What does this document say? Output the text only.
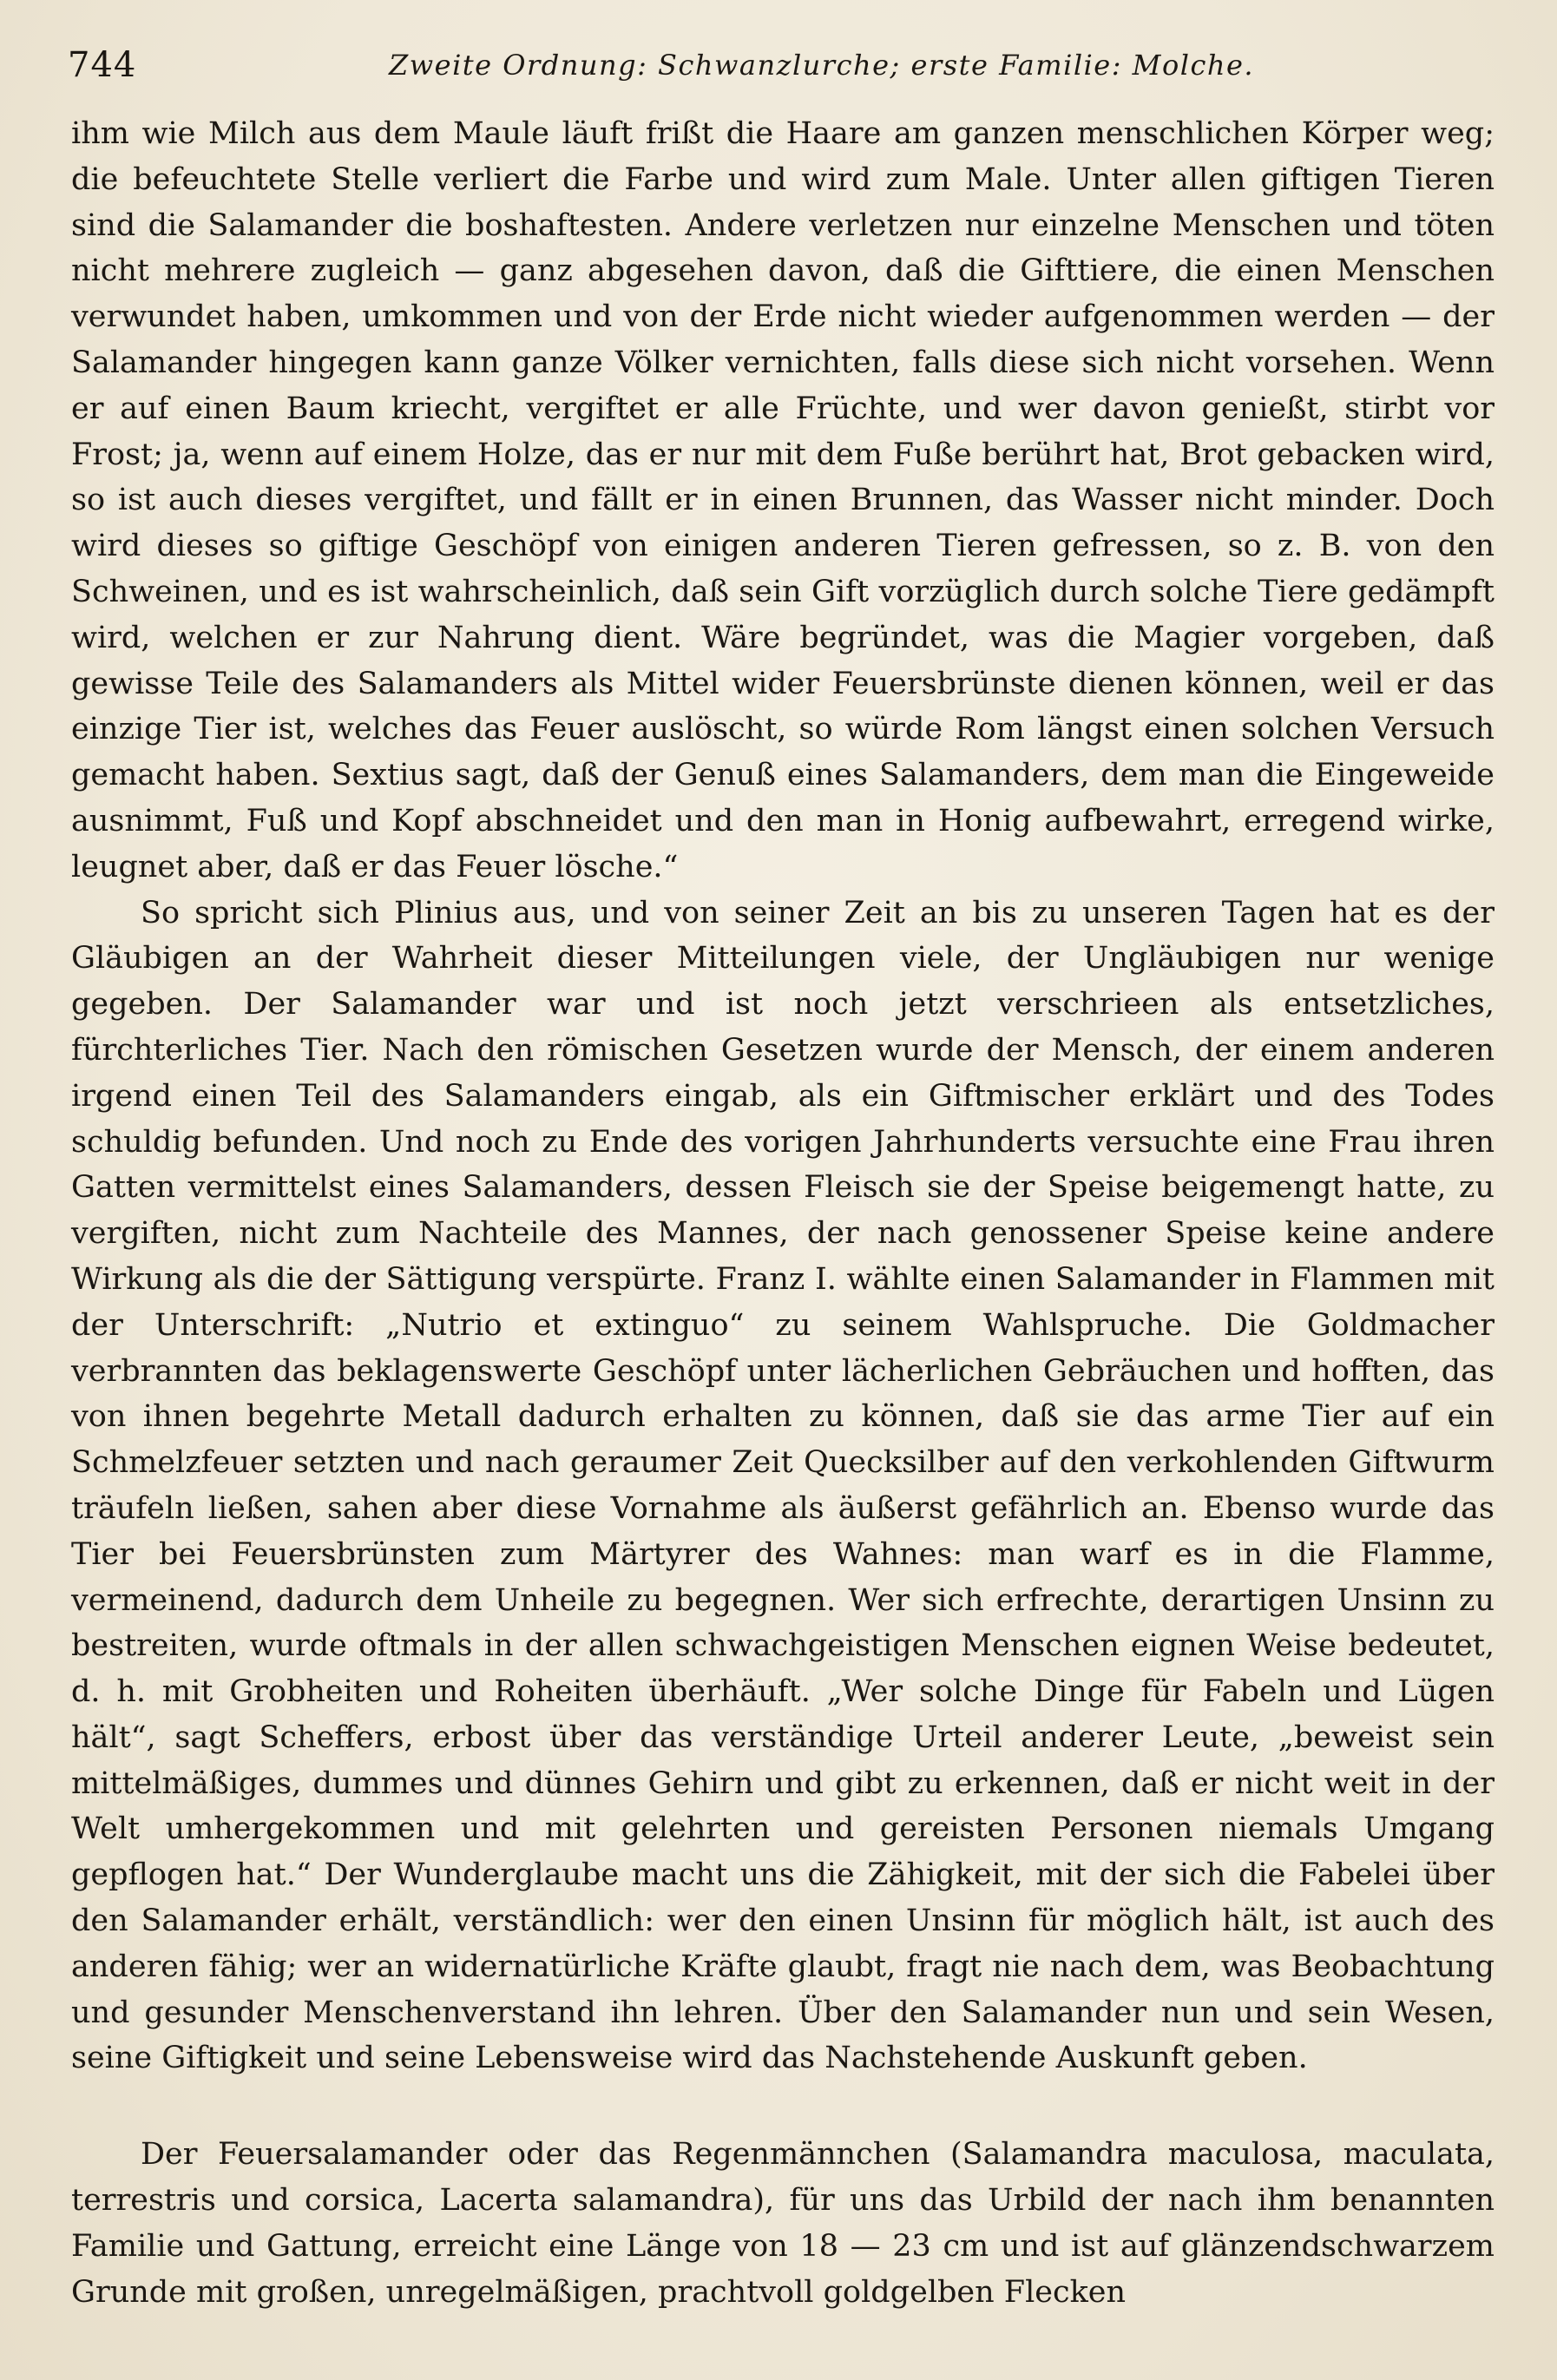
744	Zweite Ordnung: Schwanzlurche; erste Familie: Molche.

ihm wie Milch aus dem Maule läuft frißt die Haare am ganzen menschlichen Körper weg; die befeuchtete Stelle verliert die Farbe und wird zum Male. Unter allen giftigen Tieren sind die Salamander die boshaftesten. Andere verletzen nur einzelne Menschen und töten nicht mehrere zugleich — ganz abgesehen davon, daß die Gifttiere, die einen Menschen verwundet haben, umkommen und von der Erde nicht wieder aufgenommen werden — der Salamander hingegen kann ganze Völker vernichten, falls diese sich nicht vorsehen. Wenn er auf einen Baum kriecht, vergiftet er alle Früchte, und wer davon genießt, stirbt vor Frost; ja, wenn auf einem Holze, das er nur mit dem Fuße berührt hat, Brot gebacken wird, so ist auch dieses vergiftet, und fällt er in einen Brunnen, das Wasser nicht minder. Doch wird dieses so giftige Geschöpf von einigen anderen Tieren gefressen, so z. B. von den Schweinen, und es ist wahrscheinlich, daß sein Gift vorzüglich durch solche Tiere gedämpft wird, welchen er zur Nahrung dient. Wäre begründet, was die Magier vorgeben, daß gewisse Teile des Salamanders als Mittel wider Feuersbrünste dienen können, weil er das einzige Tier ist, welches das Feuer auslöscht, so würde Rom längst einen solchen Versuch gemacht haben. Sextius sagt, daß der Genuß eines Salamanders, dem man die Eingeweide ausnimmt, Fuß und Kopf abschneidet und den man in Honig aufbewahrt, erregend wirke, leugnet aber, daß er das Feuer lösche.“

So spricht sich Plinius aus, und von seiner Zeit an bis zu unseren Tagen hat es der Gläubigen an der Wahrheit dieser Mitteilungen viele, der Ungläubigen nur wenige gegeben. Der Salamander war und ist noch jetzt verschrieen als entsetzliches, fürchterliches Tier. Nach den römischen Gesetzen wurde der Mensch, der einem anderen irgend einen Teil des Salamanders eingab, als ein Giftmischer erklärt und des Todes schuldig befunden. Und noch zu Ende des vorigen Jahrhunderts versuchte eine Frau ihren Gatten vermittelst eines Salamanders, dessen Fleisch sie der Speise beigemengt hatte, zu vergiften, nicht zum Nachteile des Mannes, der nach genossener Speise keine andere Wirkung als die der Sättigung verspürte. Franz I. wählte einen Salamander in Flammen mit der Unterschrift: „Nutrio et extinguo“ zu seinem Wahlspruche. Die Goldmacher verbrannten das beklagenswerte Geschöpf unter lächerlichen Gebräuchen und hofften, das von ihnen begehrte Metall dadurch erhalten zu können, daß sie das arme Tier auf ein Schmelzfeuer setzten und nach geraumer Zeit Quecksilber auf den verkohlenden Giftwurm träufeln ließen, sahen aber diese Vornahme als äußerst gefährlich an. Ebenso wurde das Tier bei Feuersbrünsten zum Märtyrer des Wahnes: man warf es in die Flamme, vermeinend, dadurch dem Unheile zu begegnen. Wer sich erfrechte, derartigen Unsinn zu bestreiten, wurde oftmals in der allen schwachgeistigen Menschen eignen Weise bedeutet, d. h. mit Grobheiten und Roheiten überhäuft. „Wer solche Dinge für Fabeln und Lügen hält“, sagt Scheffers, erbost über das verständige Urteil anderer Leute, „beweist sein mittelmäßiges, dummes und dünnes Gehirn und gibt zu erkennen, daß er nicht weit in der Welt umhergekommen und mit gelehrten und gereisten Personen niemals Umgang gepflogen hat.“ Der Wunderglaube macht uns die Zähigkeit, mit der sich die Fabelei über den Salamander erhält, verständlich: wer den einen Unsinn für möglich hält, ist auch des anderen fähig; wer an widernatürliche Kräfte glaubt, fragt nie nach dem, was Beobachtung und gesunder Menschenverstand ihn lehren. Über den Salamander nun und sein Wesen, seine Giftigkeit und seine Lebensweise wird das Nachstehende Auskunft geben.

Der Feuersalamander oder das Regenmännchen (Salamandra maculosa, maculata, terrestris und corsica, Lacerta salamandra), für uns das Urbild der nach ihm benannten Familie und Gattung, erreicht eine Länge von 18 — 23 cm und ist auf glänzendschwarzem Grunde mit großen, unregelmäßigen, prachtvoll goldgelben Flecken
